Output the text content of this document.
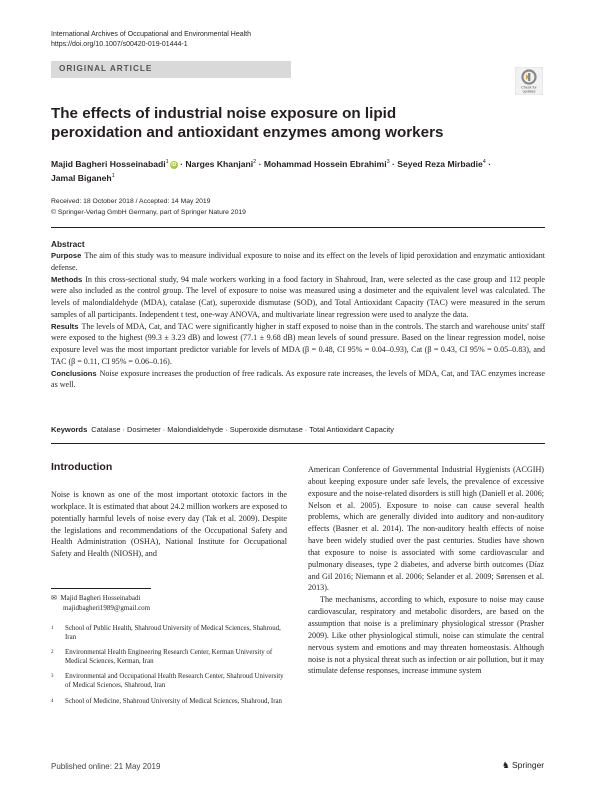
International Archives of Occupational and Environmental Health
https://doi.org/10.1007/s00420-019-01444-1
ORIGINAL ARTICLE
Check for
updates
The effects of industrial noise exposure on lipid peroxidation and antioxidant enzymes among workers
Majid Bagheri Hosseinabadi$^1$ iD · Narges Khanjani$^2$ · Mohammad Hossein Ebrahimi$^3$ · Seyed Reza Mirbadie$^4$ ·
Jamal Biganeh$^1$
Received: 18 October 2018 / Accepted: 14 May 2019
© Springer-Verlag GmbH Germany, part of Springer Nature 2019
Abstract

Purpose The aim of this study was to measure individual exposure to noise and its effect on the levels of lipid peroxidation and enzymatic antioxidant defense.

Methods In this cross-sectional study, 94 male workers working in a food factory in Shahroud, Iran, were selected as the case group and 112 people were also included as the control group. The level of exposure to noise was measured using a dosimeter and the equivalent level was calculated. The levels of malondialdehyde (MDA), catalase (Cat), superoxide dismutase (SOD), and Total Antioxidant Capacity (TAC) were measured in the serum samples of all participants. Independent t test, one-way ANOVA, and multivariate linear regression were used to analyze the data.

Results The levels of MDA, Cat, and TAC were significantly higher in staff exposed to noise than in the controls. The starch and warehouse units' staff were exposed to the highest (99.3 ± 3.23 dB) and lowest (77.1 ± 9.68 dB) mean levels of sound pressure. Based on the linear regression model, noise exposure level was the most important predictor variable for levels of MDA (β = 0.48, CI 95% = 0.04–0.93), Cat (β = 0.43, CI 95% = 0.05–0.83), and TAC (β = 0.11, CI 95% = 0.06–0.16).

Conclusions Noise exposure increases the production of free radicals. As exposure rate increases, the levels of MDA, Cat, and TAC enzymes increase as well.

Keywords Catalase · Dosimeter · Malondialdehyde · Superoxide dismutase · Total Antioxidant Capacity
Introduction

Noise is known as one of the most important ototoxic factors in the workplace. It is estimated that about 24.2 million workers are exposed to potentially harmful levels of noise every day (Tak et al. 2009). Despite the legislations and recommendations of the Occupational Safety and Health Administration (OSHA), National Institute for Occupational Safety and Health (NIOSH), and

American Conference of Governmental Industrial Hygienists (ACGIH) about keeping exposure under safe levels, the prevalence of excessive exposure and the noise-related disorders is still high (Daniell et al. 2006; Nelson et al. 2005). Exposure to noise can cause several health problems, which are generally divided into auditory and non-auditory effects (Basner et al. 2014). The non-auditory health effects of noise have been widely studied over the past centuries. Studies have shown that exposure to noise is associated with some cardiovascular and pulmonary diseases, type 2 diabetes, and adverse birth outcomes (Díaz and Gil 2016; Niemann et al. 2006; Selander et al. 2009; Sørensen et al. 2013).

The mechanisms, according to which, exposure to noise may cause cardiovascular, respiratory and metabolic disorders, are based on the assumption that noise is a preliminary physiological stressor (Prasher 2009). Like other physiological stimuli, noise can stimulate the central nervous system and emotions and may threaten homeostasis. Although noise is not a physical threat such as infection or air pollution, but it may stimulate defense responses, increase immune system

✉ Majid Bagheri Hosseinabadi
majidbagheri1989@gmail.com
1 School of Public Health, Shahroud University of Medical Sciences, Shahroud, Iran
2 Environmental Health Engineering Research Center, Kerman University of Medical Sciences, Kerman, Iran
3 Environmental and Occupational Health Research Center, Shahroud University of Medical Sciences, Shahroud, Iran
4 School of Medicine, Shahroud University of Medical Sciences, Shahroud, Iran
Published online: 21 May 2019	♞ Springer
